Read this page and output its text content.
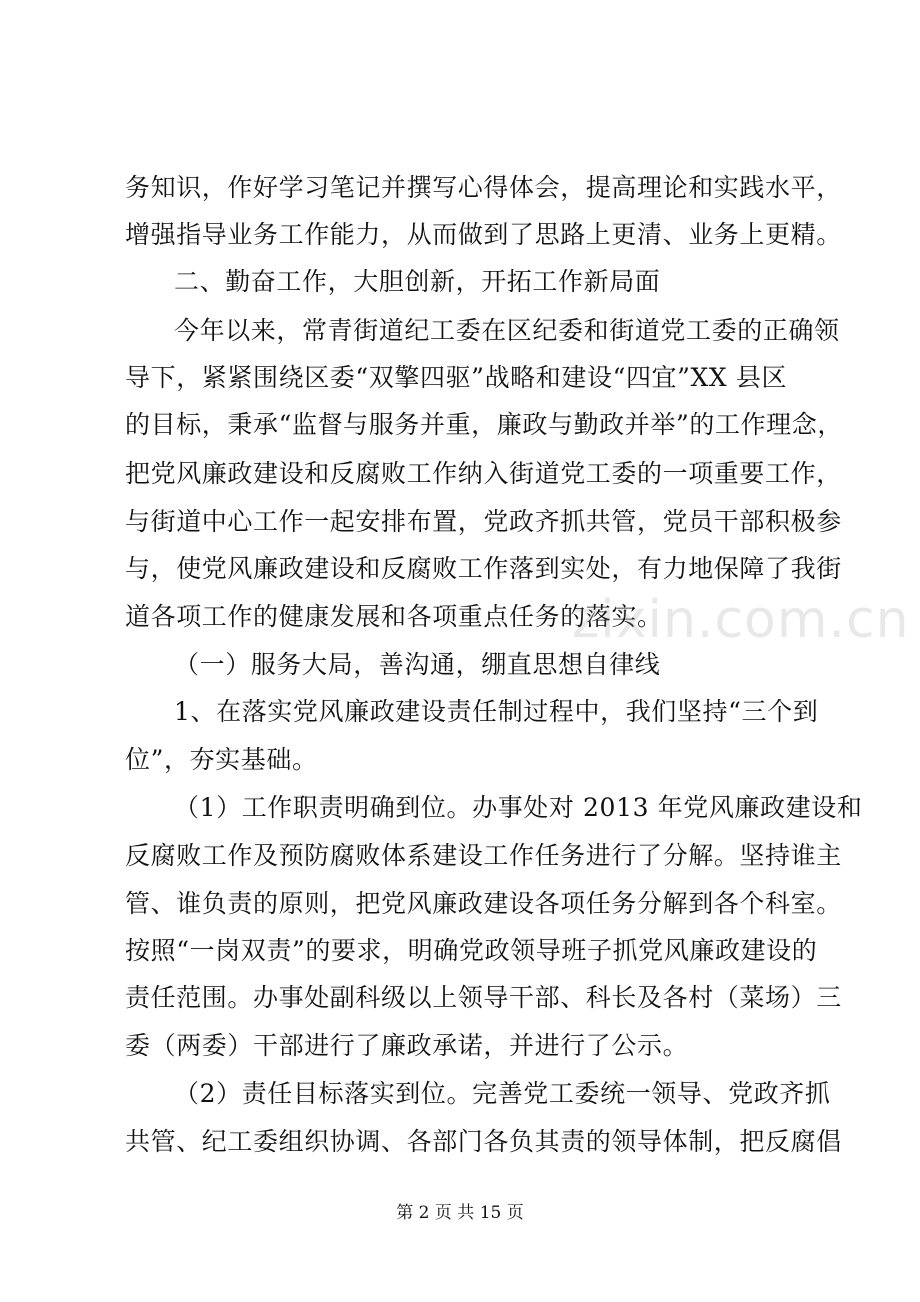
务知识，作好学习笔记并撰写心得体会，提高理论和实践水平，
增强指导业务工作能力，从而做到了思路上更清、业务上更精。
二、勤奋工作，大胆创新，开拓工作新局面
今年以来，常青街道纪工委在区纪委和街道党工委的正确领
导下，紧紧围绕区委“双擎四驱”战略和建设“四宜”XX 县区
的目标，秉承“监督与服务并重，廉政与勤政并举”的工作理念，
把党风廉政建设和反腐败工作纳入街道党工委的一项重要工作，
与街道中心工作一起安排布置，党政齐抓共管，党员干部积极参
与，使党风廉政建设和反腐败工作落到实处，有力地保障了我街
道各项工作的健康发展和各项重点任务的落实。
（一）服务大局，善沟通，绷直思想自律线
1、在落实党风廉政建设责任制过程中，我们坚持“三个到
位”，夯实基础。
（1）工作职责明确到位。办事处对 2013 年党风廉政建设和
反腐败工作及预防腐败体系建设工作任务进行了分解。坚持谁主
管、谁负责的原则，把党风廉政建设各项任务分解到各个科室。
按照“一岗双责”的要求，明确党政领导班子抓党风廉政建设的
责任范围。办事处副科级以上领导干部、科长及各村（菜场）三
委（两委）干部进行了廉政承诺，并进行了公示。
（2）责任目标落实到位。完善党工委统一领导、党政齐抓
共管、纪工委组织协调、各部门各负其责的领导体制，把反腐倡
zixin.com.cn
第 2 页 共 15 页
